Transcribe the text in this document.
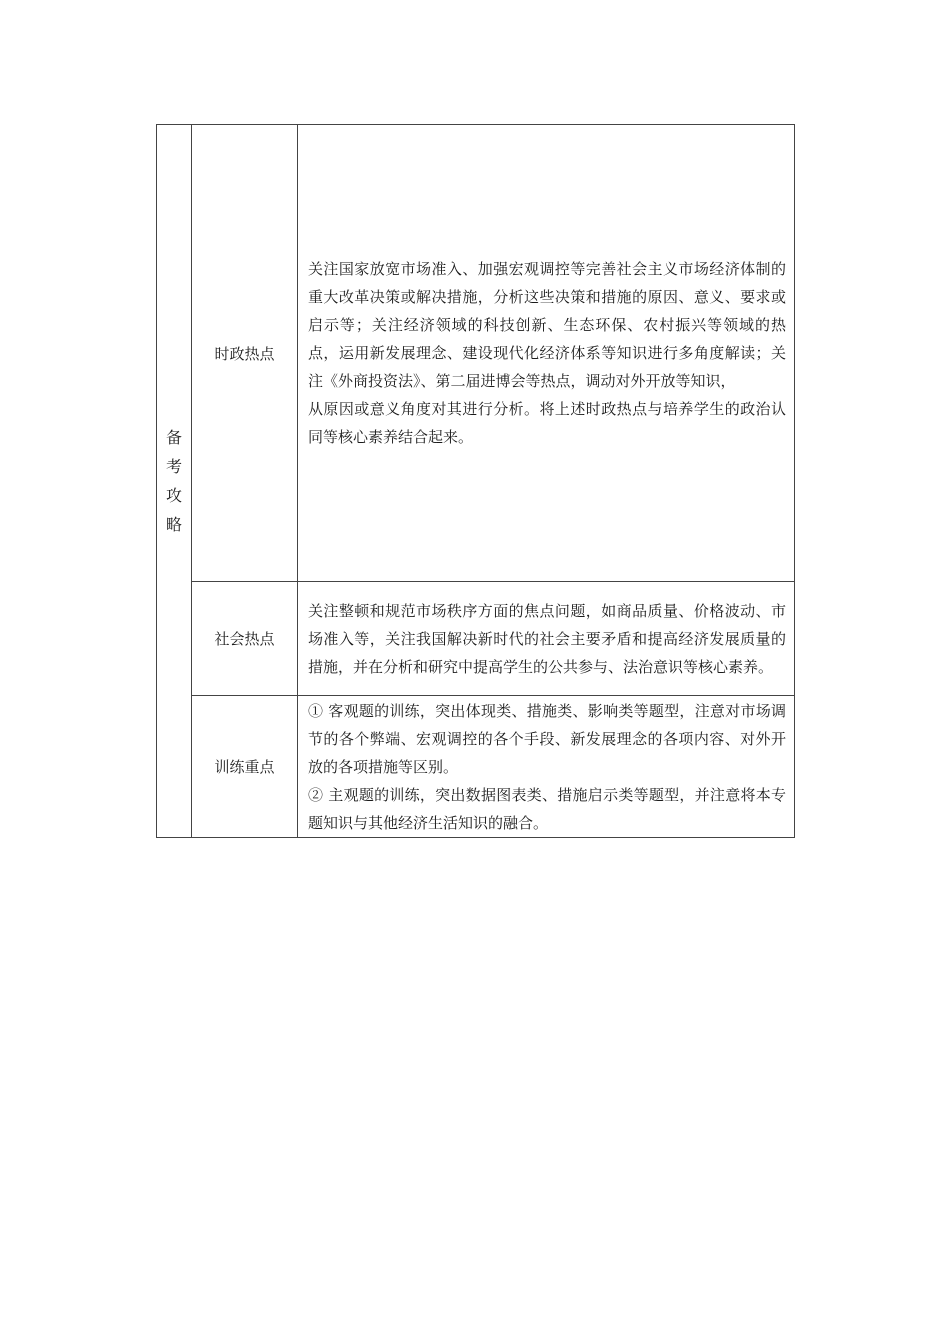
备考攻略	时政热点	关注国家放宽市场准入、加强宏观调控等完善社会主义市场经济体制的重大改革决策或解决措施，分析这些决策和措施的原因、意义、要求或启示等；关注经济领域的科技创新、生态环保、农村振兴等领域的热点，运用新发展理念、建设现代化经济体系等知识进行多角度解读；关注《外商投资法》、第二届进博会等热点，调动对外开放等知识，

从原因或意义角度对其进行分析。将上述时政热点与培养学生的政治认同等核心素养结合起来。

	社会热点	关注整顿和规范市场秩序方面的焦点问题，如商品质量、价格波动、市场准入等，关注我国解决新时代的社会主要矛盾和提高经济发展质量的措施，并在分析和研究中提高学生的公共参与、法治意识等核心素养。

	训练重点	① 客观题的训练，突出体现类、措施类、影响类等题型，注意对市场调节的各个弊端、宏观调控的各个手段、新发展理念的各项内容、对外开放的各项措施等区别。

② 主观题的训练，突出数据图表类、措施启示类等题型，并注意将本专题知识与其他经济生活知识的融合。
